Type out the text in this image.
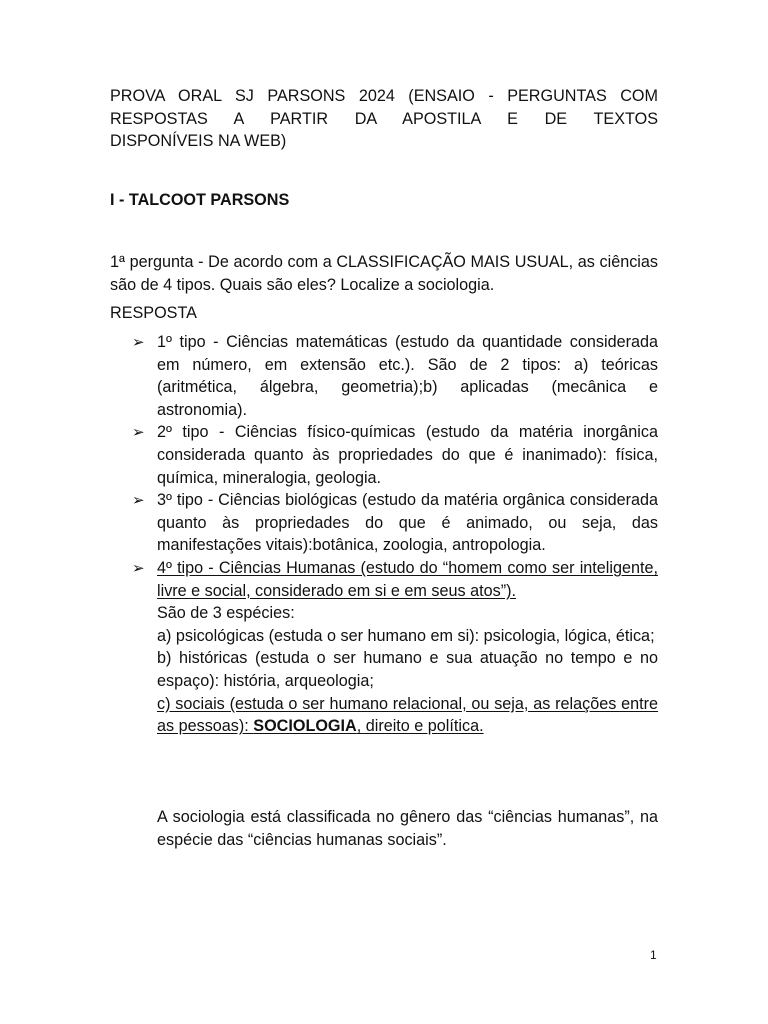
PROVA ORAL SJ PARSONS 2024 (ENSAIO - PERGUNTAS COM
RESPOSTAS A PARTIR DA APOSTILA E DE TEXTOS
DISPONÍVEIS NA WEB)
I - TALCOOT PARSONS
1ª pergunta - De acordo com a CLASSIFICAÇÃO MAIS USUAL, as ciências são de 4 tipos. Quais são eles? Localize a sociologia.
RESPOSTA
➢ 1º tipo - Ciências matemáticas (estudo da quantidade considerada em número, em extensão etc.). São de 2 tipos: a) teóricas (aritmética, álgebra, geometria);b) aplicadas (mecânica e astronomia).
➢ 2º tipo - Ciências físico-químicas (estudo da matéria inorgânica considerada quanto às propriedades do que é inanimado): física, química, mineralogia, geologia.
➢ 3º tipo - Ciências biológicas (estudo da matéria orgânica considerada quanto às propriedades do que é animado, ou seja, das manifestações vitais):botânica, zoologia, antropologia.
➢ 4º tipo - Ciências Humanas (estudo do “homem como ser inteligente, livre e social, considerado em si e em seus atos”).
São de 3 espécies:
a) psicológicas (estuda o ser humano em si): psicologia, lógica, ética;
b) históricas (estuda o ser humano e sua atuação no tempo e no espaço): história, arqueologia;
c) sociais (estuda o ser humano relacional, ou seja, as relações entre as pessoas): SOCIOLOGIA, direito e política.
A sociologia está classificada no gênero das “ciências humanas”, na espécie das “ciências humanas sociais”.
1
